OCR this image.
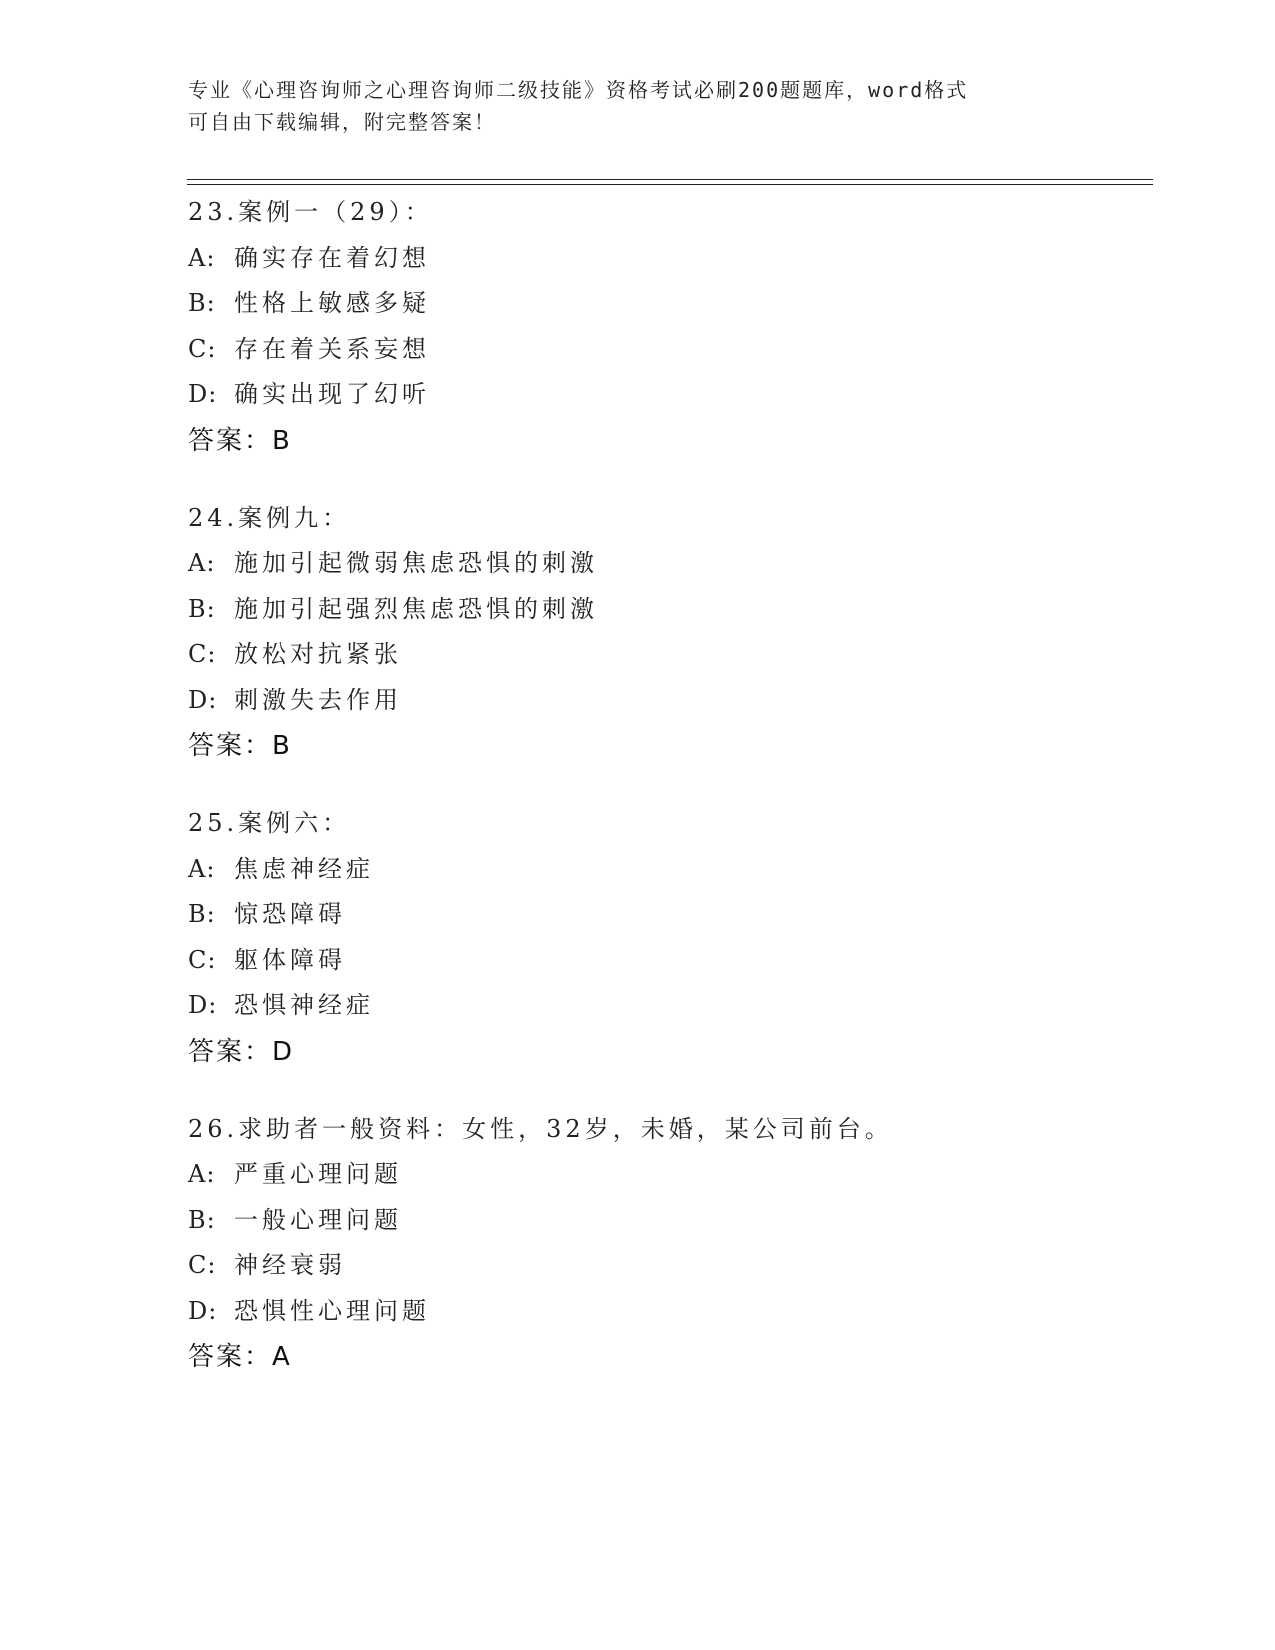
专业《心理咨询师之心理咨询师二级技能》资格考试必刷200题题库，word格式
可自由下载编辑，附完整答案！
23.案例一（29）：
A: 确实存在着幻想
B: 性格上敏感多疑
C: 存在着关系妄想
D: 确实出现了幻听
答案：B
24.案例九：
A: 施加引起微弱焦虑恐惧的刺激
B: 施加引起强烈焦虑恐惧的刺激
C: 放松对抗紧张
D: 刺激失去作用
答案：B
25.案例六：
A: 焦虑神经症
B: 惊恐障碍
C: 躯体障碍
D: 恐惧神经症
答案：D
26.求助者一般资料：女性，32岁，未婚，某公司前台。
A: 严重心理问题
B: 一般心理问题
C: 神经衰弱
D: 恐惧性心理问题
答案：A
